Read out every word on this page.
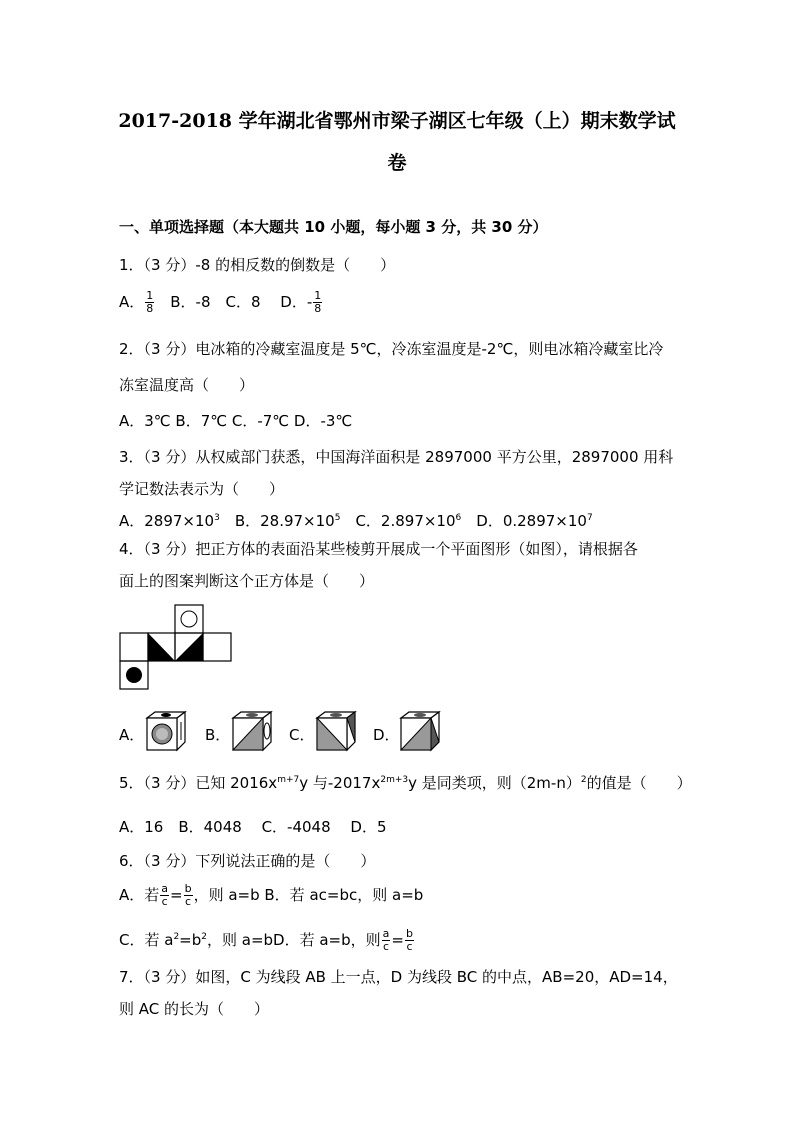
2017-2018 学年湖北省鄂州市梁子湖区七年级（上）期末数学试
卷
一、单项选择题（本大题共 10 小题，每小题 3 分，共 30 分）
1．（3 分）-8 的相反数的倒数是（　　）
A． $\frac{1}{8}$ 　B．-8　C．8　 D．- $\frac{1}{8}$
2．（3 分）电冰箱的冷藏室温度是 5℃，冷冻室温度是-2℃，则电冰箱冷藏室比冷
冻室温度高（　　）
A．3℃ B．7℃ C．-7℃ D．-3℃
3．（3 分）从权威部门获悉，中国海洋面积是 2897000 平方公里，2897000 用科
学记数法表示为（　　）
A．$2897\times 10^3$　B．$28.97\times 10^5$　C．$2.897\times 10^6$　D．$0.2897\times 10^7$
4．（3 分）把正方体的表面沿某些棱剪开展成一个平面图形（如图），请根据各
面上的图案判断这个正方体是（　　）
A．	B．	C．	D．
5．（3 分）已知 $2016x^{m+7}y$ 与$-2017x^{2m+3}y$ 是同类项，则$(2m-n)^2$的值是（　　）
A．16　B．4048　 C．-4048　 D．5
6．（3 分）下列说法正确的是（　　）
A．若 $\frac{a}{c} = \frac{b}{c}$ ，则 a=b B．若 ac=bc，则 a=b
C．若 $a^2=b^2$，则 a=bD．若 a=b，则 $\frac{a}{c} = \frac{b}{c}$
7．（3 分）如图，C 为线段 AB 上一点，D 为线段 BC 的中点，AB=20，AD=14，
则 AC 的长为（　　）
